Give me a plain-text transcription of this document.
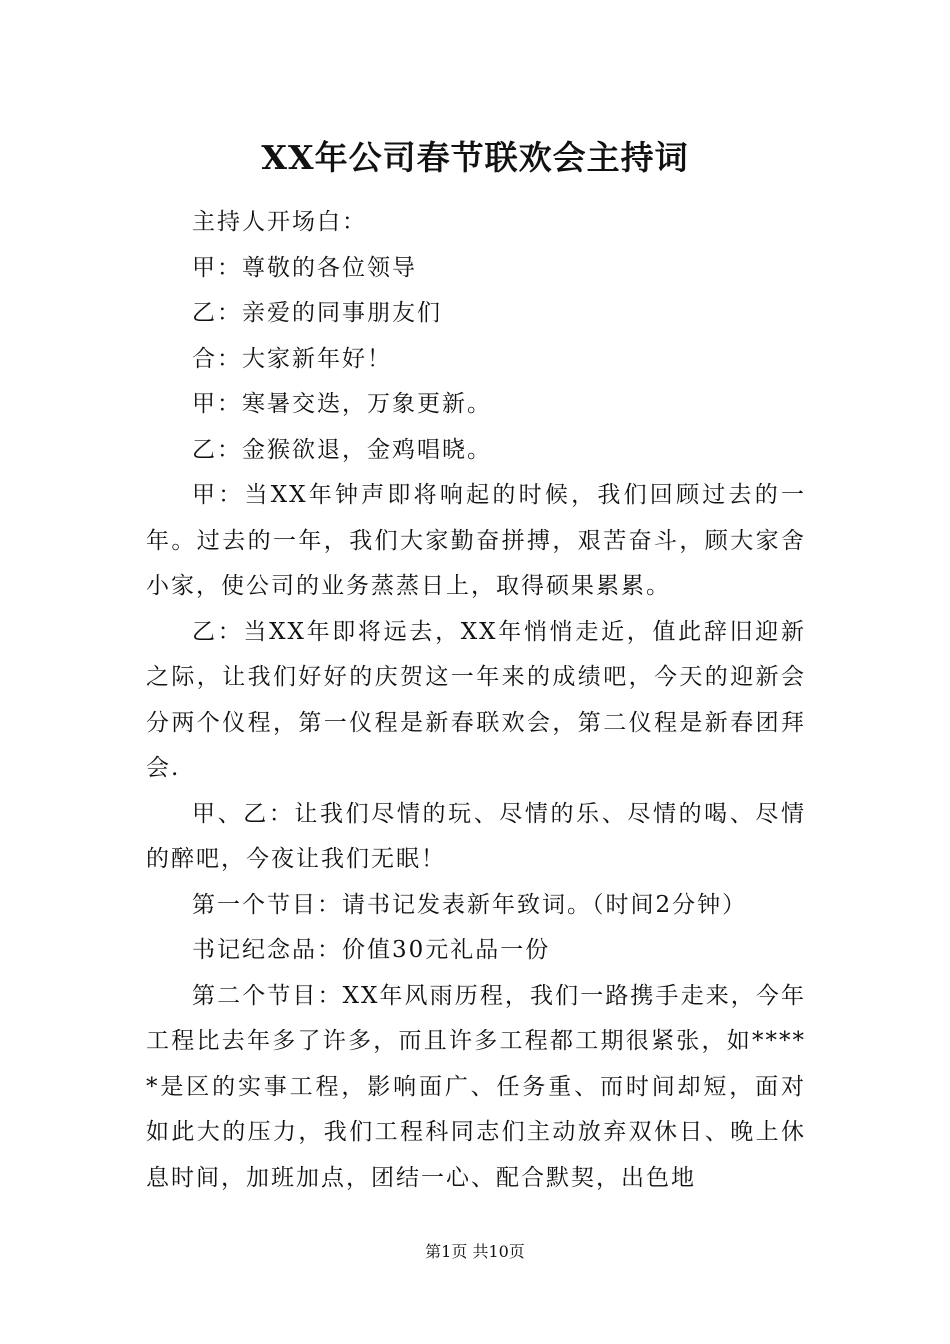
XX年公司春节联欢会主持词

主持人开场白：

甲：尊敬的各位领导

乙：亲爱的同事朋友们

合：大家新年好！

甲：寒暑交迭，万象更新。

乙：金猴欲退，金鸡唱晓。

甲：当XX年钟声即将响起的时候，我们回顾过去的一年。过去的一年，我们大家勤奋拼搏，艰苦奋斗，顾大家舍小家，使公司的业务蒸蒸日上，取得硕果累累。

乙：当XX年即将远去，XX年悄悄走近，值此辞旧迎新之际，让我们好好的庆贺这一年来的成绩吧，今天的迎新会分两个仪程，第一仪程是新春联欢会，第二仪程是新春团拜会.

甲、乙：让我们尽情的玩、尽情的乐、尽情的喝、尽情的醉吧，今夜让我们无眠！

第一个节目：请书记发表新年致词。（时间2分钟）

书记纪念品：价值30元礼品一份

第二个节目：XX年风雨历程，我们一路携手走来，今年工程比去年多了许多，而且许多工程都工期很紧张，如*****是区的实事工程，影响面广、任务重、而时间却短，面对如此大的压力，我们工程科同志们主动放弃双休日、晚上休息时间，加班加点，团结一心、配合默契，出色地

第1页 共10页
